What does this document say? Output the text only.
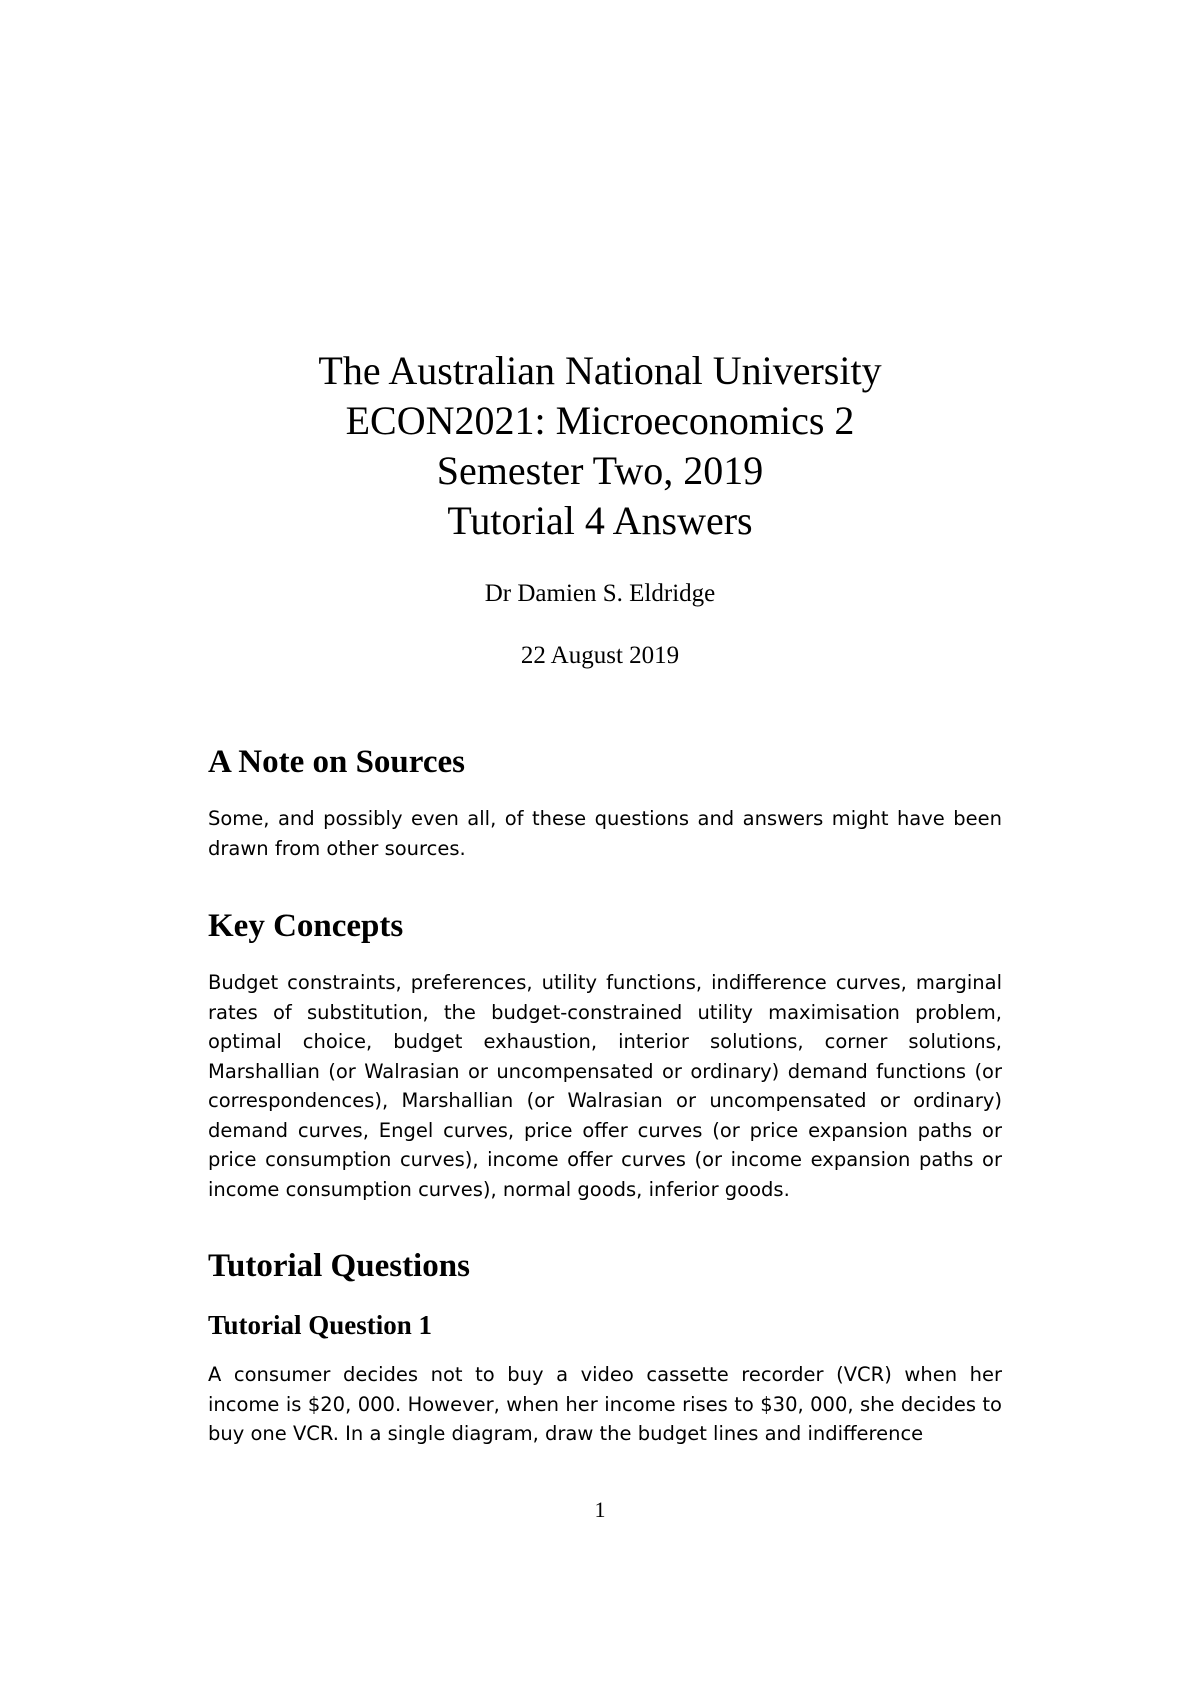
The Australian National University
ECON2021: Microeconomics 2
Semester Two, 2019
Tutorial 4 Answers
Dr Damien S. Eldridge
22 August 2019
A Note on Sources

Some, and possibly even all, of these questions and answers might have been drawn from other sources.

Key Concepts

Budget constraints, preferences, utility functions, indifference curves, marginal rates of substitution, the budget-constrained utility maximisation problem, optimal choice, budget exhaustion, interior solutions, corner solutions, Marshallian (or Walrasian or uncompensated or ordinary) demand functions (or correspondences), Marshallian (or Walrasian or uncompensated or ordinary) demand curves, Engel curves, price offer curves (or price expansion paths or price consumption curves), income offer curves (or income expansion paths or income consumption curves), normal goods, inferior goods.

Tutorial Questions
Tutorial Question 1

A consumer decides not to buy a video cassette recorder (VCR) when her income is $20, 000. However, when her income rises to $30, 000, she decides to buy one VCR. In a single diagram, draw the budget lines and indifference

1
